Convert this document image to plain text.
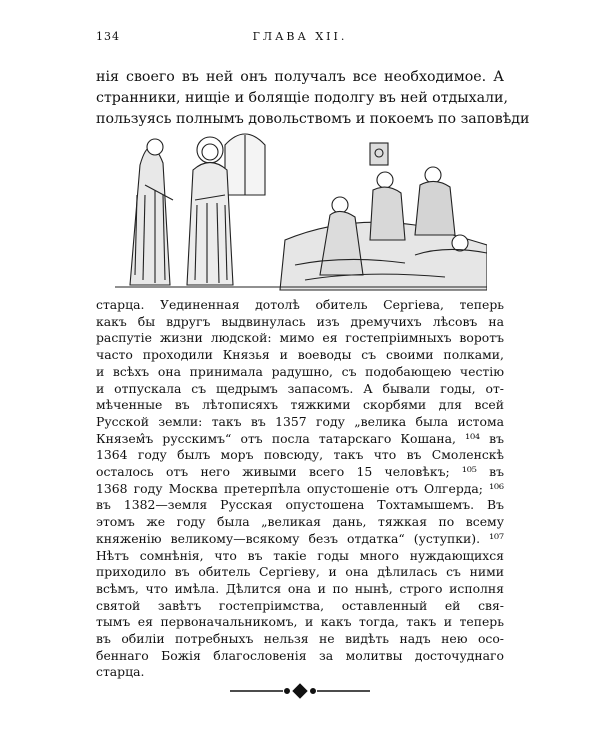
134	ГЛАВА XII.
нія своего въ ней онъ получалъ все необходимое. А
странники, нищіе и болящіе подолгу въ ней отдыхали,
пользуясь полнымъ довольствомъ и покоемъ по заповѣди
старца. Уединенная дотолѣ обитель Сергіева, теперь
какъ бы вдругъ выдвинулась изъ дремучихъ лѣсовъ на
распутіе жизни людской: мимо ея гостепріимныхъ воротъ
часто проходили Князья и воеводы съ своими полками,
и всѣхъ она принимала радушно, съ подобающею честію
и отпускала съ щедрымъ запасомъ. А бывали годы, от-
мѣченные въ лѣтописяхъ тяжкими скорбями для всей
Русской земли: такъ въ 1357 году „велика была истома
Князем̂ъ русскимъ“ отъ посла татарскаго Кошана, ¹⁰⁴ въ
1364 году былъ моръ повсюду, такъ что въ Смоленскѣ
осталось отъ него живыми всего 15 человѣкъ; ¹⁰⁵ въ
1368 году Москва претерпѣла опустошеніе отъ Олгерда; ¹⁰⁶
въ 1382—земля Русская опустошена Тохтамышемъ. Въ
этомъ же году была „великая дань, тяжкая по всему
княженію великому—всякому безъ отдатка“ (уступки). ¹⁰⁷
Нѣтъ сомнѣнія, что въ такіе годы много нуждающихся
приходило въ обитель Сергіеву, и она дѣлилась съ ними
всѣмъ, что имѣла. Дѣлится она и по нынѣ, строго исполня
святой завѣтъ гостепріимства, оставленный ей свя-
тымъ ея первоначальникомъ, и какъ тогда, такъ и теперь
въ обиліи потребныхъ нельзя не видѣть надъ нею осо-
беннаго Божія благословенія за молитвы досточуднаго
старца.
